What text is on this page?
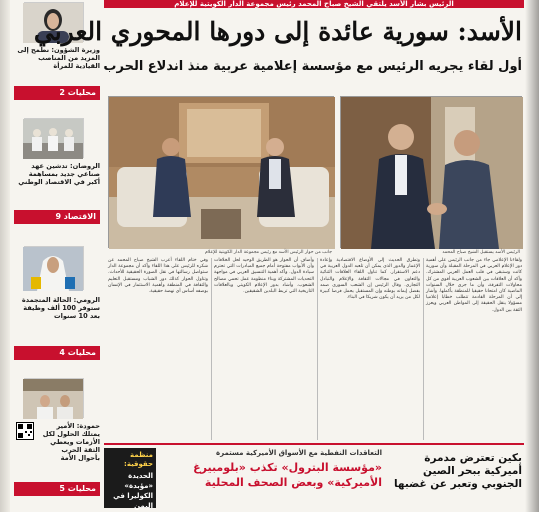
وزيرة الشؤون: نطمح إلى المزيد من المناصب القيادية للمرأة
محليات 2
الروضان: تدشين عهد صناعي جديد بمساهمة أكبر في الاقتصاد الوطني
الاقتصاد 9
الرومي: الحالة المتجمدة ستوفر 100 ألف وظيفة بعد 10 سنوات
محليات 4
حمودة: الأمير يمتلك الحلول لكل الأزمات ويعطي الثقة الحرب بأحوال الأمة
محليات 5
الرئيس بشار الأسد يلتقي الشيخ صباح المحمد رئيس مجموعة الدار الكويتية للإعلام
الأسد: سورية عائدة إلى دورها المحوري العربي
أول لقاء يجريه الرئيس مع مؤسسة إعلامية عربية منذ اندلاع الحرب
جانب من حوار الرئيس الأسد مع رئيس مجموعة الدار الكويتية للإعلام	الرئيس الأسد يستقبل الشيخ صباح المحمد
وفي ختام اللقاء أعرب الشيخ صباح المحمد عن شكره للرئيس على هذا اللقاء وأكد أن مجموعة الدار ستواصل رسالتها في نقل الصورة الحقيقية للأحداث. وتناول الحوار كذلك دور الشباب ومستقبل التعليم والثقافة في المنطقة وأهمية الاستثمار في الإنسان بوصفه أساس أي نهضة حقيقية.
وأضاف أن الحوار هو الطريق الوحيد لحل الخلافات وأن الأبواب مفتوحة أمام جميع المبادرات التي تحترم سيادة الدول. وأكد أهمية التنسيق العربي في مواجهة التحديات المشتركة وبناء منظومة عمل تحمي مصالح الشعوب. وأشاد بدور الإعلام الكويتي وبالعلاقات التاريخية التي تربط البلدين الشقيقين.
وتطرق الحديث إلى الأوضاع الاقتصادية وإعادة الإعمار والدور الذي يمكن أن تلعبه الدول العربية في دعم الاستقرار. كما تناول اللقاء العلاقات الثنائية والتعاون في مجالات الثقافة والإعلام والتبادل التجاري. وقال الرئيس إن الشعب السوري صمد بفضل إيمانه بوطنه وإن المستقبل يحمل فرصا كبيرة لكل من يريد أن يكون شريكا في البناء.
ولقاءنا الإعلامي جاء من جانب الرئيس على أهمية دور الإعلام العربي في المرحلة المقبلة وأن سورية كانت وستبقى في قلب العمل العربي المشترك. وأكد أن العلاقات بين الشعوب العربية أقوى من كل محاولات التفرقة، وأن ما جرى خلال السنوات الماضية كان امتحانا حقيقيا للمنطقة بأكملها. وأشار إلى أن المرحلة القادمة تتطلب خطابا إعلاميا مسؤولا ينقل الحقيقة إلى المواطن العربي ويعزز الثقة بين الدول.
بكين تعترض مدمرة أميركية ببحر الصين الجنوبي وتعبر عن غضبها
التعاقدات النفطية مع الأسواق الأميركية مستمرة
«مؤسسة البترول» تكذب «بلومبيرغ الأميركية» وبعض الصحف المحلية
منظمة حقوقية:
الحديدة «مؤبدة» الكوليرا في اليمن
